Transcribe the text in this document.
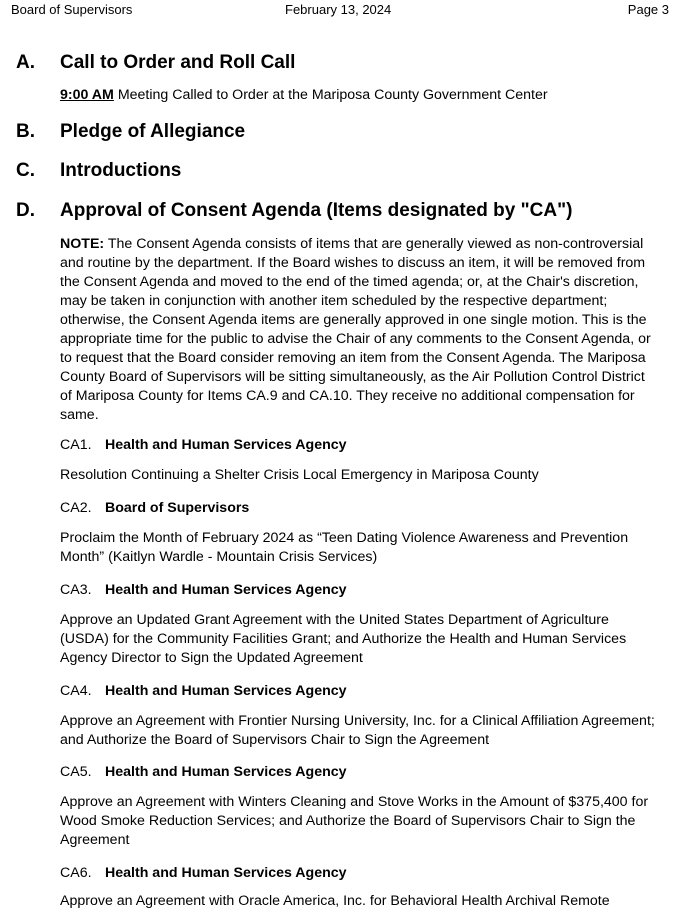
Board of Supervisors	February 13, 2024	Page 3
A. Call to Order and Roll Call
9:00 AM Meeting Called to Order at the Mariposa County Government Center
B. Pledge of Allegiance
C. Introductions
D. Approval of Consent Agenda (Items designated by "CA")
NOTE: The Consent Agenda consists of items that are generally viewed as non-controversial and routine by the department. If the Board wishes to discuss an item, it will be removed from the Consent Agenda and moved to the end of the timed agenda; or, at the Chair's discretion, may be taken in conjunction with another item scheduled by the respective department; otherwise, the Consent Agenda items are generally approved in one single motion. This is the appropriate time for the public to advise the Chair of any comments to the Consent Agenda, or to request that the Board consider removing an item from the Consent Agenda. The Mariposa County Board of Supervisors will be sitting simultaneously, as the Air Pollution Control District of Mariposa County for Items CA.9 and CA.10. They receive no additional compensation for same.
CA1. Health and Human Services Agency
Resolution Continuing a Shelter Crisis Local Emergency in Mariposa County
CA2. Board of Supervisors
Proclaim the Month of February 2024 as “Teen Dating Violence Awareness and Prevention Month” (Kaitlyn Wardle - Mountain Crisis Services)
CA3. Health and Human Services Agency
Approve an Updated Grant Agreement with the United States Department of Agriculture (USDA) for the Community Facilities Grant; and Authorize the Health and Human Services Agency Director to Sign the Updated Agreement
CA4. Health and Human Services Agency
Approve an Agreement with Frontier Nursing University, Inc. for a Clinical Affiliation Agreement; and Authorize the Board of Supervisors Chair to Sign the Agreement
CA5. Health and Human Services Agency
Approve an Agreement with Winters Cleaning and Stove Works in the Amount of $375,400 for Wood Smoke Reduction Services; and Authorize the Board of Supervisors Chair to Sign the Agreement
CA6. Health and Human Services Agency
Approve an Agreement with Oracle America, Inc. for Behavioral Health Archival Remote
